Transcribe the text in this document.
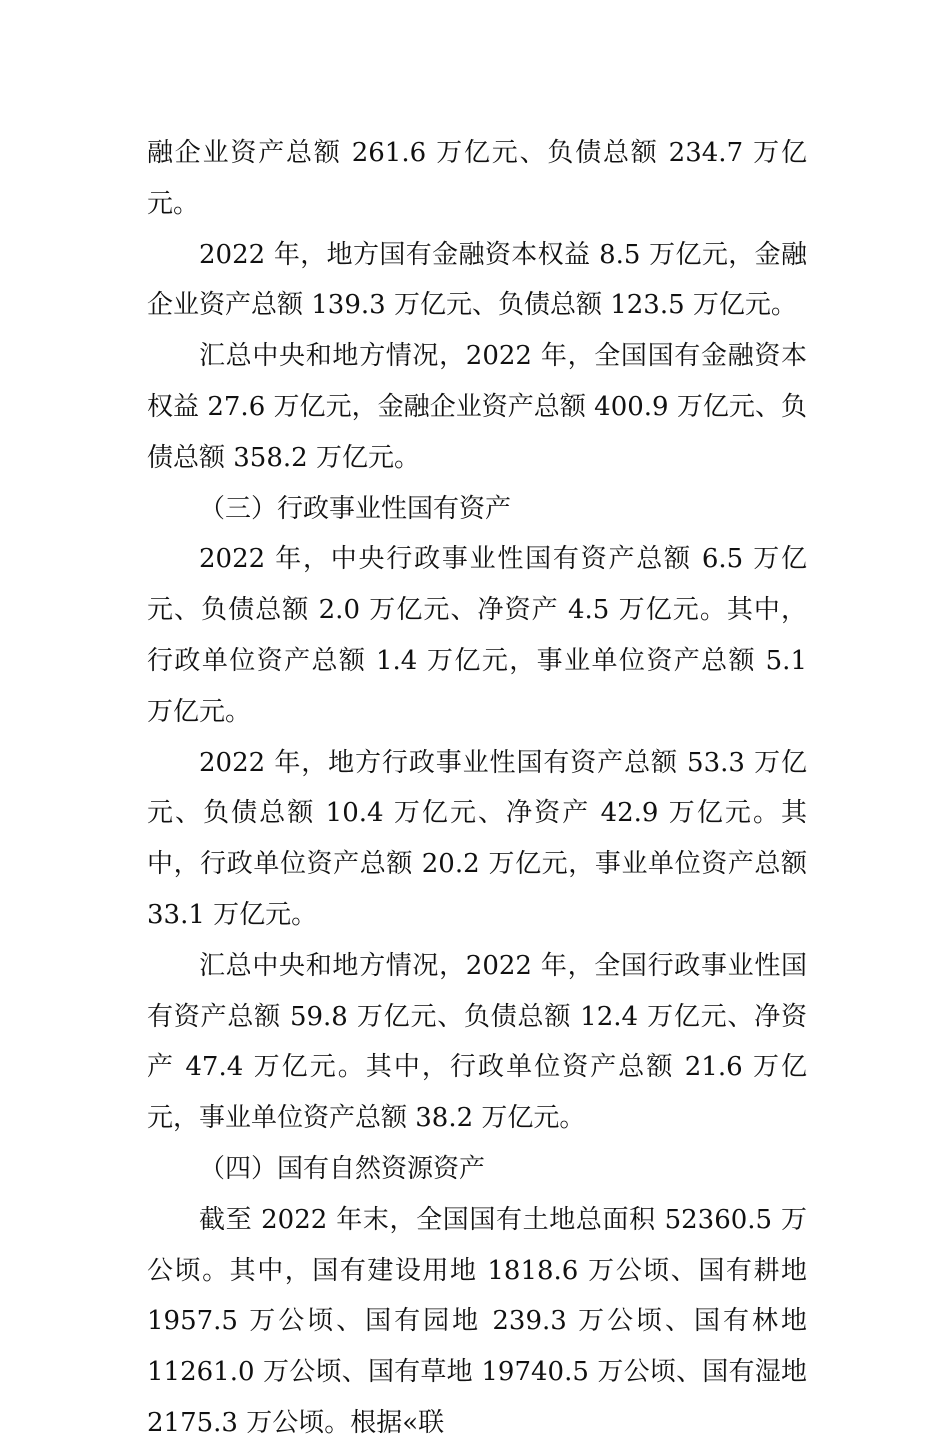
融企业资产总额 261.6 万亿元、负债总额 234.7 万亿元。

2022 年，地方国有金融资本权益 8.5 万亿元，金融企业资产总额 139.3 万亿元、负债总额 123.5 万亿元。

汇总中央和地方情况，2022 年，全国国有金融资本权益 27.6 万亿元，金融企业资产总额 400.9 万亿元、负债总额 358.2 万亿元。

（三）行政事业性国有资产

2022 年，中央行政事业性国有资产总额 6.5 万亿元、负债总额 2.0 万亿元、净资产 4.5 万亿元。其中，行政单位资产总额 1.4 万亿元，事业单位资产总额 5.1 万亿元。

2022 年，地方行政事业性国有资产总额 53.3 万亿元、负债总额 10.4 万亿元、净资产 42.9 万亿元。其中，行政单位资产总额 20.2 万亿元，事业单位资产总额 33.1 万亿元。

汇总中央和地方情况，2022 年，全国行政事业性国有资产总额 59.8 万亿元、负债总额 12.4 万亿元、净资产 47.4 万亿元。其中，行政单位资产总额 21.6 万亿元，事业单位资产总额 38.2 万亿元。

（四）国有自然资源资产

截至 2022 年末，全国国有土地总面积 52360.5 万公顷。其中，国有建设用地 1818.6 万公顷、国有耕地 1957.5 万公顷、国有园地 239.3 万公顷、国有林地 11261.0 万公顷、国有草地 19740.5 万公顷、国有湿地 2175.3 万公顷。根据«联
